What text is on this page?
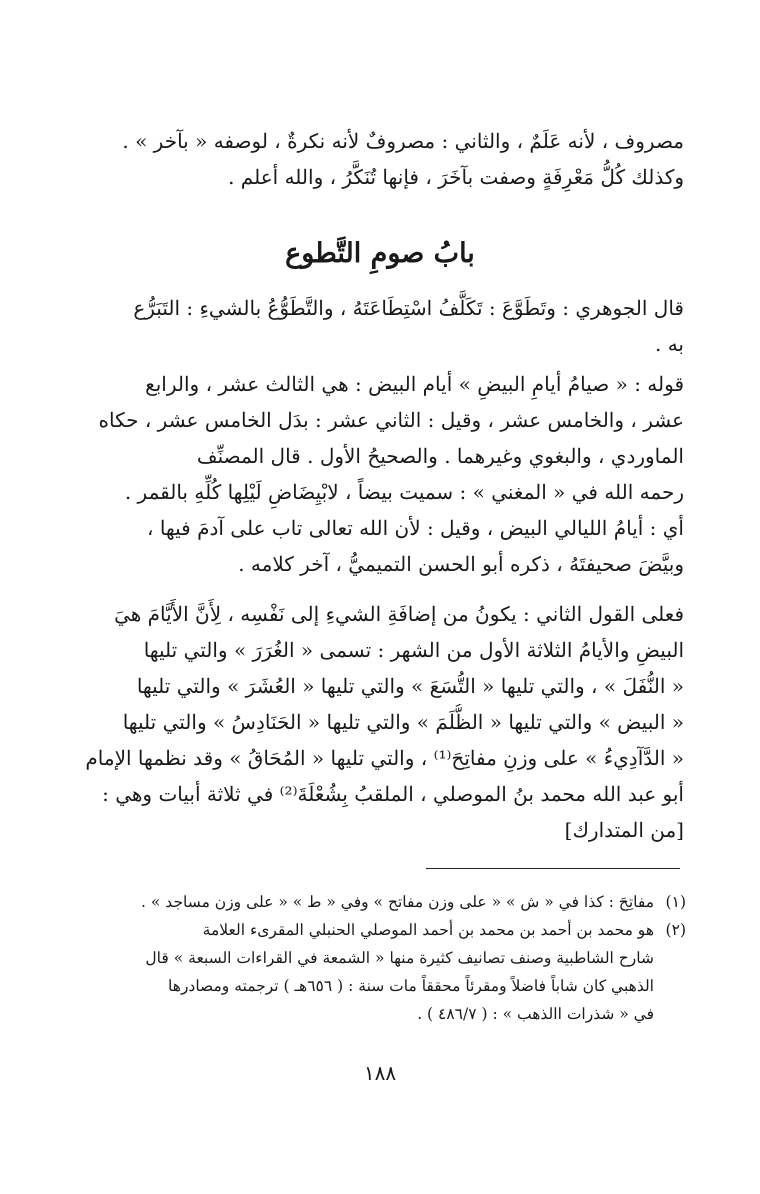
مصروف ، لأنه عَلَمٌ ، والثاني : مصروفٌ لأنه نكرةٌ ، لوصفه « بآخر » .
وكذلك كُلُّ مَعْرِفَةٍ وصفت بآخَرَ ، فإنها تُنَكَّرُ ، والله أعلم .
بابُ صومِ التَّطوع
قال الجوهري : وتَطَوَّعَ : تَكَلَّفُ اسْتِطَاعَتَهُ ، والتَّطَوُّعُ بالشيءِ : التَبَرُّع
به .
قوله : « صيامُ أيامِ البيضِ » أيام البيض : هي الثالث عشر ، والرابع
عشر ، والخامس عشر ، وقيل : الثاني عشر : بدَل الخامس عشر ، حكاه
الماوردي ، والبغوي وغيرهما . والصحيحُ الأول . قال المصنِّف
رحمه الله في « المغني » : سميت بيضاً ، لابْيِضَاضِ لَيْلِها كُلِّهِ بالقمر .
أي : أيامُ الليالي البيض ، وقيل : لأن الله تعالى تاب على آدمَ فيها ،
وبيَّضَ صحيفتَهُ ، ذكره أبو الحسن التميميُّ ، آخر كلامه .
فعلى القول الثاني : يكونُ من إضافَةِ الشيءِ إلى نَفْسِه ، لِأَنَّ الأَيَّامَ هيَ
البيضِ والأيامُ الثلاثة الأول من الشهر : تسمى « الغُرَرَ » والتي تليها
« النُّفَلَ » ، والتي تليها « التُّسَعَ » والتي تليها « العُشَرَ » والتي تليها
« البيض » والتي تليها « الظُّلَمَ » والتي تليها « الحَنَادِسُ » والتي تليها
« الدَّآدِيءُ » على وزنِ مفاتِحَ⁽¹⁾ ، والتي تليها « المُحَاقُ » وقد نظمها الإمام
أبو عبد الله محمد بنُ الموصلي ، الملقبُ بِشُعْلَةَ⁽²⁾ في ثلاثة أبيات وهي :
[من المتدارك]
(١)
مفاتِحَ : كذا في « ش » « على وزن مفاتح » وفي « ط » « على وزن مساجد » .
(٢)
هو محمد بن أحمد بن محمد بن أحمد الموصلي الحنبلي المقرىء العلامة
شارح الشاطبية وصنف تصانيف كثيرة منها « الشمعة في القراءات السبعة » قال
الذهبي كان شاباً فاضلاً ومقرئاً محققاً مات سنة : ( ٦٥٦هـ ) ترجمته ومصادرها
في « شذرات االذهب » : ( ٤٨٦/٧ ) .
١٨٨
